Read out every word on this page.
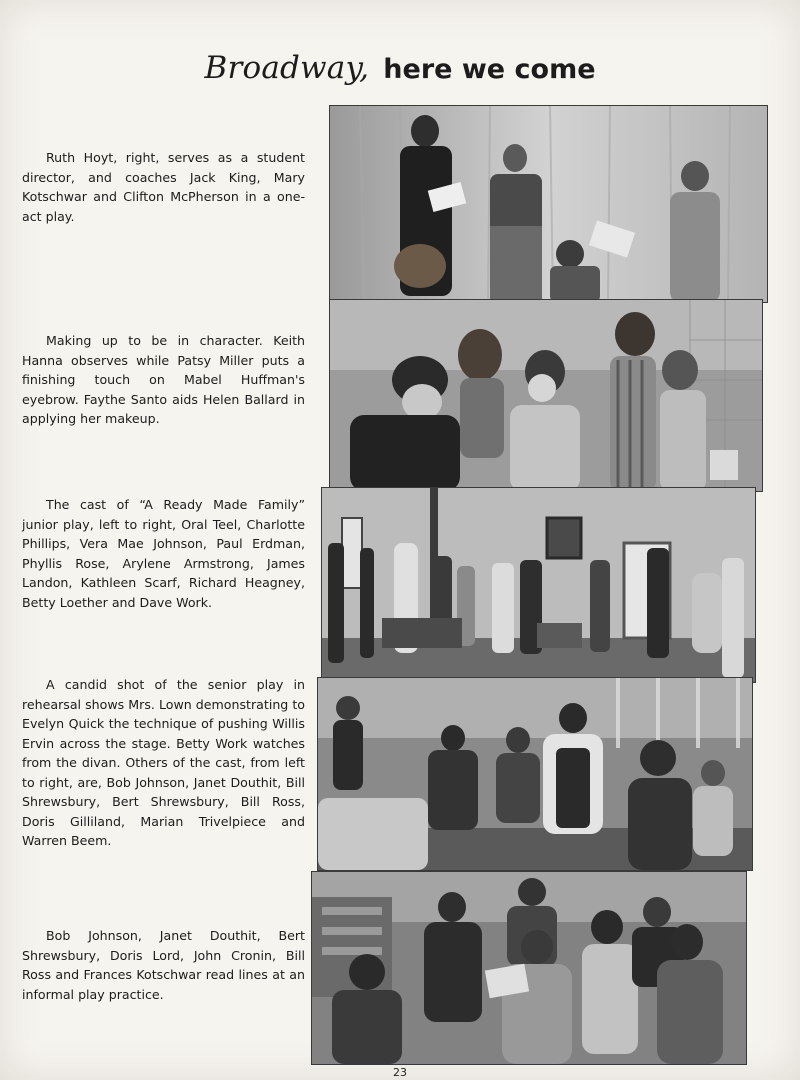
Broadway, here we come

Ruth Hoyt, right, serves as a student director, and coaches Jack King, Mary Kotschwar and Clifton McPherson in a one-act play.

Making up to be in character. Keith Hanna observes while Patsy Miller puts a finishing touch on Mabel Huffman's eyebrow. Faythe Santo aids Helen Ballard in applying her makeup.

The cast of “A Ready Made Family” junior play, left to right, Oral Teel, Charlotte Phillips, Vera Mae Johnson, Paul Erdman, Phyllis Rose, Arylene Armstrong, James Landon, Kathleen Scarf, Richard Heagney, Betty Loether and Dave Work.

A candid shot of the senior play in rehearsal shows Mrs. Lown demonstrating to Evelyn Quick the technique of pushing Willis Ervin across the stage. Betty Work watches from the divan. Others of the cast, from left to right, are, Bob Johnson, Janet Douthit, Bill Shrewsbury, Bert Shrewsbury, Bill Ross, Doris Gilliland, Marian Trivelpiece and Warren Beem.

Bob Johnson, Janet Douthit, Bert Shrewsbury, Doris Lord, John Cronin, Bill Ross and Frances Kotschwar read lines at an informal play practice.

23
